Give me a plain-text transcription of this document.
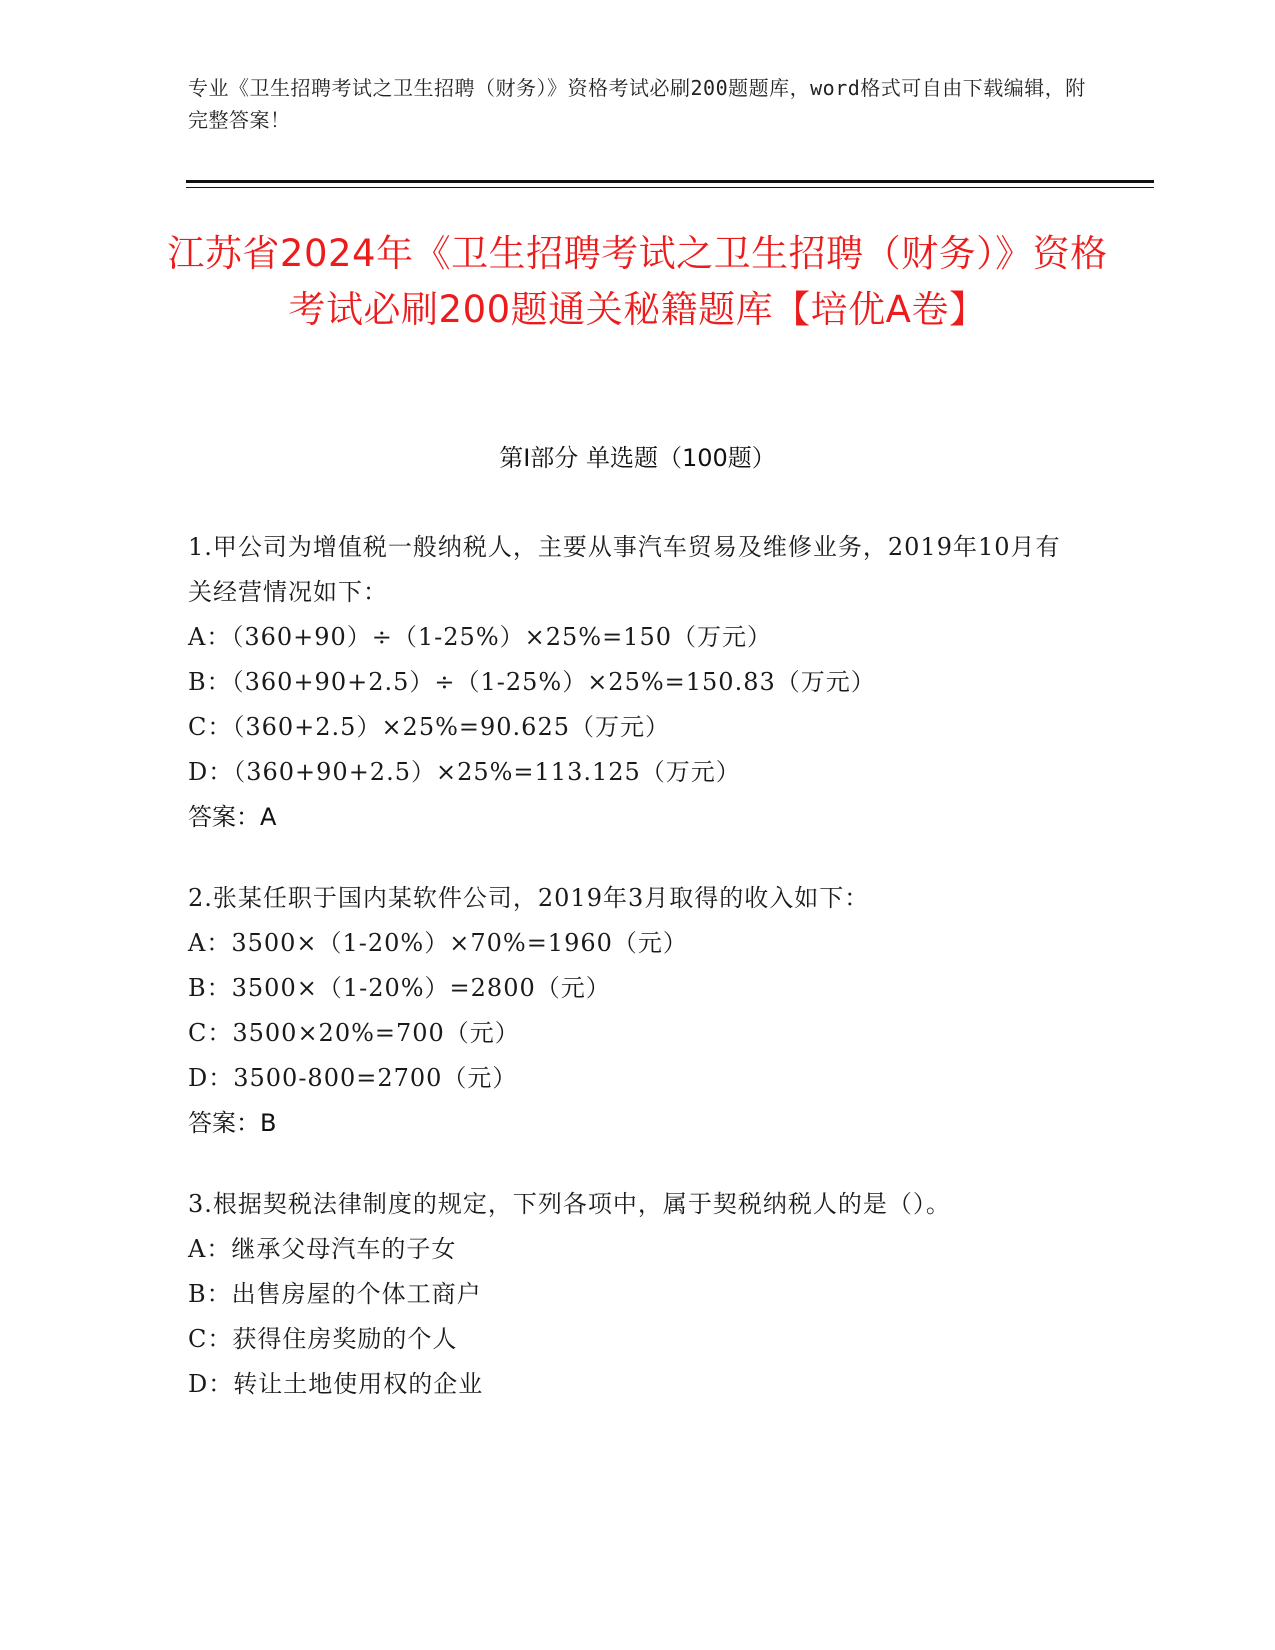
专业《卫生招聘考试之卫生招聘（财务）》资格考试必刷200题题库，word格式可自由下载编辑，附完整答案！
江苏省2024年《卫生招聘考试之卫生招聘（财务）》资格考试必刷200题通关秘籍题库【培优A卷】
第I部分 单选题（100题）
1.甲公司为增值税一般纳税人，主要从事汽车贸易及维修业务，2019年10月有关经营情况如下：
A：（360+90）÷（1-25%）×25%=150（万元）
B：（360+90+2.5）÷（1-25%）×25%=150.83（万元）
C：（360+2.5）×25%=90.625（万元）
D：（360+90+2.5）×25%=113.125（万元）
答案：A
2.张某任职于国内某软件公司，2019年3月取得的收入如下：
A：3500×（1-20%）×70%=1960（元）
B：3500×（1-20%）=2800（元）
C：3500×20%=700（元）
D：3500-800=2700（元）
答案：B
3.根据契税法律制度的规定，下列各项中，属于契税纳税人的是（）。
A：继承父母汽车的子女
B：出售房屋的个体工商户
C：获得住房奖励的个人
D：转让土地使用权的企业
